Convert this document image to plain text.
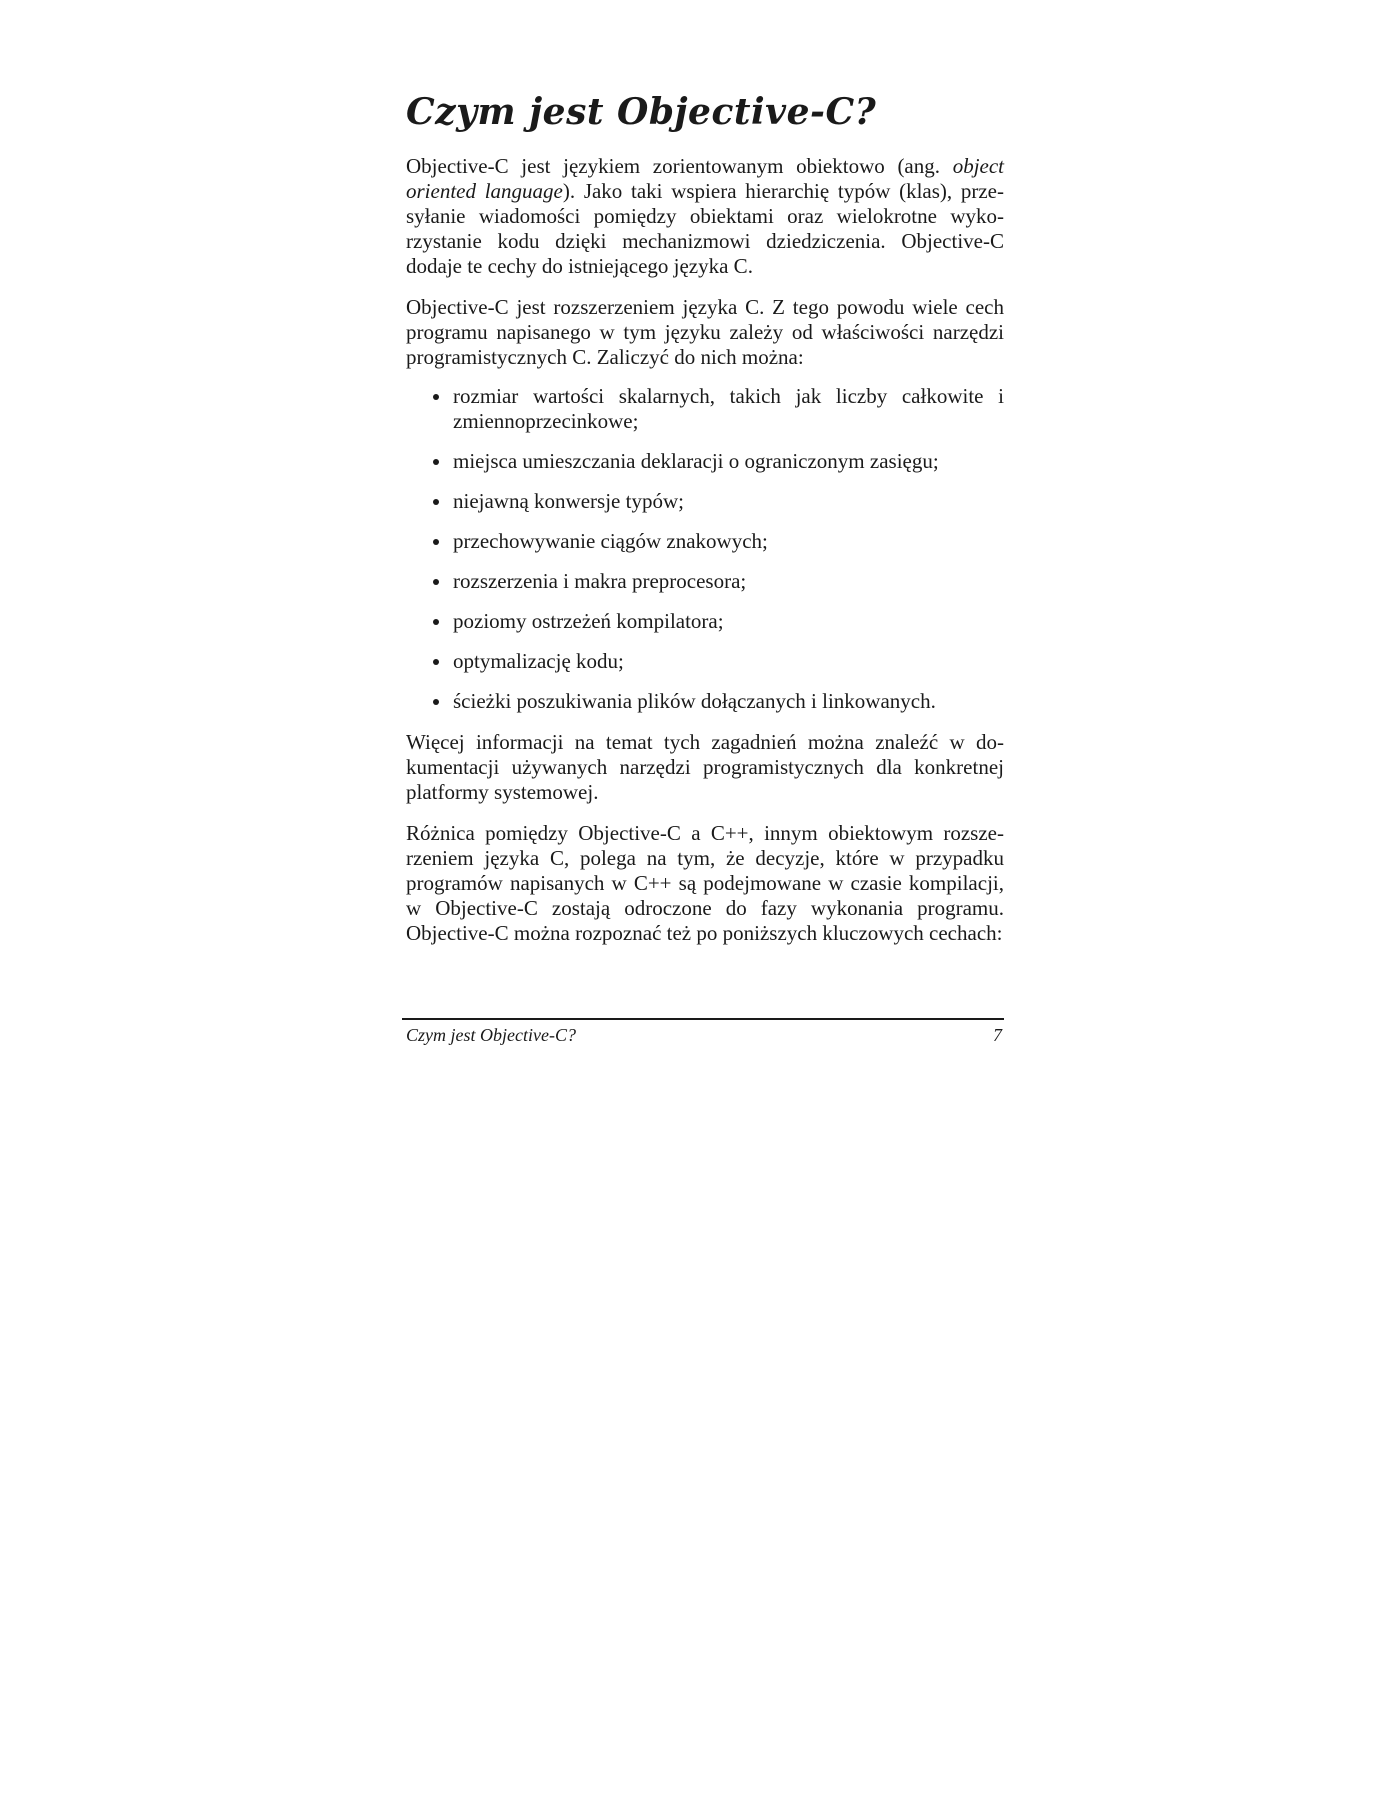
Czym jest Objective-C?

Objective-C jest językiem zorientowanym obiektowo (ang. object oriented language). Jako taki wspiera hierarchię typów (klas), przesyłanie wiadomości pomiędzy obiektami oraz wielokrotne wykorzystanie kodu dzięki mechanizmowi dziedziczenia. Objective-C dodaje te cechy do istniejącego języka C.

Objective-C jest rozszerzeniem języka C. Z tego powodu wiele cech programu napisanego w tym języku zależy od właściwości narzędzi programistycznych C. Zaliczyć do nich można:

rozmiar wartości skalarnych, takich jak liczby całkowite i zmiennoprzecinkowe;
miejsca umieszczania deklaracji o ograniczonym zasięgu;
niejawną konwersje typów;
przechowywanie ciągów znakowych;
rozszerzenia i makra preprocesora;
poziomy ostrzeżeń kompilatora;
optymalizację kodu;
ścieżki poszukiwania plików dołączanych i linkowanych.

Więcej informacji na temat tych zagadnień można znaleźć w dokumentacji używanych narzędzi programistycznych dla konkretnej platformy systemowej.

Różnica pomiędzy Objective-C a C++, innym obiektowym rozszerzeniem języka C, polega na tym, że decyzje, które w przypadku programów napisanych w C++ są podejmowane w czasie kompilacji, w Objective-C zostają odroczone do fazy wykonania programu. Objective-C można rozpoznać też po poniższych kluczowych cechach:

Czym jest Objective-C?	7
